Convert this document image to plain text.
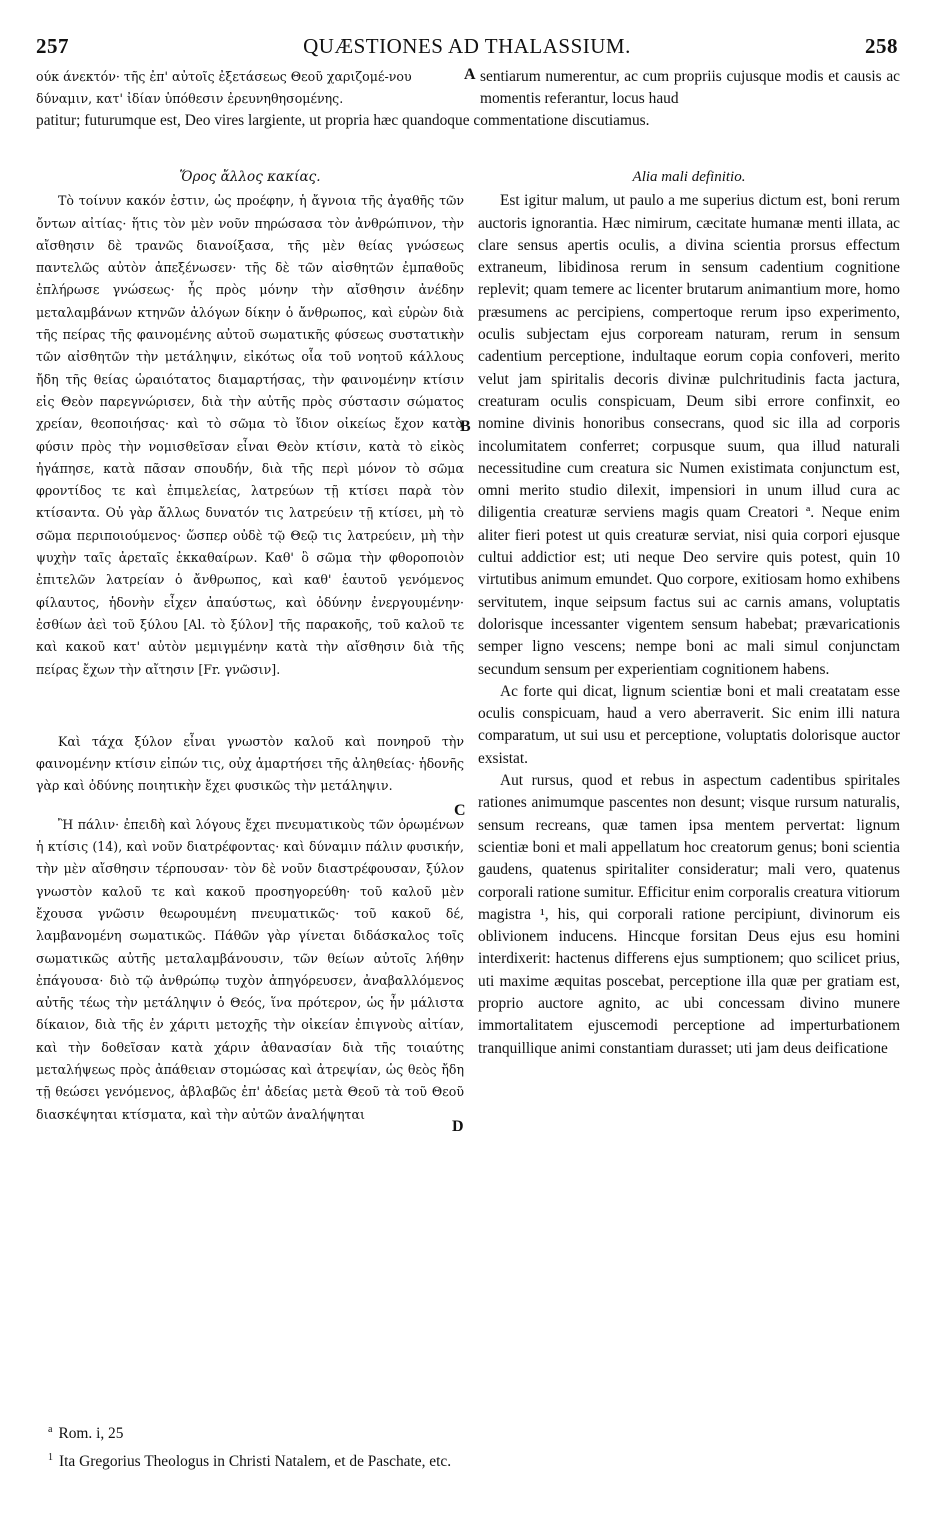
257	QUÆSTIONES AD THALASSIUM.	258
ούκ άνεκτόν· τῆς ἐπ' αὐτοῖς ἐξετάσεως Θεοῦ χαριζομέ-νου δύναμιν, κατ' ἰδίαν ὑπόθεσιν ἐρευνηθησομένης.
sentiarum numerentur, ac cum propriis cujusque modis et causis ac momentis referantur, locus haud
patitur; futurumque est, Deo vires largiente, ut propria hæc quandoque commentatione discutiamus.
A
B
C
D
Ὅρος ἄλλος κακίας.

Τὸ τοίνυν κακόν ἐστιν, ὡς προέφην, ἡ ἄγνοια τῆς ἀγαθῆς τῶν ὄντων αἰτίας· ἥτις τὸν μὲν νοῦν πηρώσασα τὸν ἀνθρώπινον, τὴν αἴσθησιν δὲ τρανῶς διανοίξασα, τῆς μὲν θείας γνώσεως παντελῶς αὐτὸν ἀπεξένωσεν· τῆς δὲ τῶν αἰσθητῶν ἐμπαθοῦς ἐπλήρωσε γνώσεως· ἧς πρὸς μόνην τὴν αἴσθησιν ἀνέδην μεταλαμβάνων κτηνῶν ἀλόγων δίκην ὁ ἄνθρωπος, καὶ εὑρὼν διὰ τῆς πείρας τῆς φαινομένης αὐτοῦ σωματικῆς φύσεως συστατικὴν τῶν αἰσθητῶν τὴν μετάληψιν, εἰκότως οἷα τοῦ νοητοῦ κάλλους ἤδη τῆς θείας ὡραιότατος διαμαρτήσας, τὴν φαινομένην κτίσιν εἰς Θεὸν παρεγνώρισεν, διὰ τὴν αὐτῆς πρὸς σύστασιν σώματος χρείαν, θεοποιήσας· καὶ τὸ σῶμα τὸ ἴδιον οἰκείως ἔχον κατὰ φύσιν πρὸς τὴν νομισθεῖσαν εἶναι Θεὸν κτίσιν, κατὰ τὸ εἰκὸς ἠγάπησε, κατὰ πᾶσαν σπουδήν, διὰ τῆς περὶ μόνον τὸ σῶμα φροντίδος τε καὶ ἐπιμελείας, λατρεύων τῇ κτίσει παρὰ τὸν κτίσαντα. Οὐ γὰρ ἄλλως δυνατόν τις λατρεύειν τῇ κτίσει, μὴ τὸ σῶμα περιποιούμενος· ὥσπερ οὐδὲ τῷ Θεῷ τις λατρεύειν, μὴ τὴν ψυχὴν ταῖς ἀρεταῖς ἐκκαθαίρων. Καθ' ὃ σῶμα τὴν φθοροποιὸν ἐπιτελῶν λατρείαν ὁ ἄνθρωπος, καὶ καθ' ἑαυτοῦ γενόμενος φίλαυτος, ἡδονὴν εἶχεν ἀπαύστως, καὶ ὀδύνην ἐνεργουμένην· ἐσθίων ἀεὶ τοῦ ξύλου [Al. τὸ ξύλον] τῆς παρακοῆς, τοῦ καλοῦ τε καὶ κακοῦ κατ' αὐτὸν μεμιγμένην κατὰ τὴν αἴσθησιν διὰ τῆς πείρας ἔχων τὴν αἴτησιν [Fr. γνῶσιν].

Καὶ τάχα ξύλον εἶναι γνωστὸν καλοῦ καὶ πονηροῦ τὴν φαινομένην κτίσιν εἰπών τις, οὐχ ἁμαρτήσει τῆς ἀληθείας· ἡδονῆς γὰρ καὶ ὀδύνης ποιητικὴν ἔχει φυσικῶς τὴν μετάληψιν.

Ἢ πάλιν· ἐπειδὴ καὶ λόγους ἔχει πνευματικοὺς τῶν ὁρωμένων ἡ κτίσις (14), καὶ νοῦν διατρέφοντας· καὶ δύναμιν πάλιν φυσικήν, τὴν μὲν αἴσθησιν τέρπουσαν· τὸν δὲ νοῦν διαστρέφουσαν, ξύλον γνωστὸν καλοῦ τε καὶ κακοῦ προσηγορεύθη· τοῦ καλοῦ μὲν ἔχουσα γνῶσιν θεωρουμένη πνευματικῶς· τοῦ κακοῦ δέ, λαμβανομένη σωματικῶς. Πάθῶν γὰρ γίνεται διδάσκαλος τοῖς σωματικῶς αὐτῆς μεταλαμβάνουσιν, τῶν θείων αὐτοῖς λήθην ἐπάγουσα· διὸ τῷ ἀνθρώπῳ τυχὸν ἀπηγόρευσεν, ἀναβαλλόμενος αὐτῆς τέως τὴν μετάληψιν ὁ Θεός, ἵνα πρότερον, ὡς ἦν μάλιστα δίκαιον, διὰ τῆς ἐν χάριτι μετοχῆς τὴν οἰκείαν ἐπιγνοὺς αἰτίαν, καὶ τὴν δοθεῖσαν κατὰ χάριν ἀθανασίαν διὰ τῆς τοιαύτης μεταλήψεως πρὸς ἀπάθειαν στομώσας καὶ ἀτρεψίαν, ὡς θεὸς ἤδη τῇ θεώσει γενόμενος, ἀβλαβῶς ἐπ' ἀδείας μετὰ Θεοῦ τὰ τοῦ Θεοῦ διασκέψηται κτίσματα, καὶ τὴν αὐτῶν ἀναλήψηται

Alia mali definitio.

Est igitur malum, ut paulo a me superius dictum est, boni rerum auctoris ignorantia. Hæc nimirum, cæcitate humanæ menti illata, ac clare sensus apertis oculis, a divina scientia prorsus effectum extraneum, libidinosa rerum in sensum cadentium cognitione replevit; quam temere ac licenter brutarum animantium more, homo præsumens ac percipiens, compertoque rerum ipso experimento, oculis subjectam ejus corpoream naturam, rerum in sensum cadentium perceptione, indultaque eorum copia confoveri, merito velut jam spiritalis decoris divinæ pulchritudinis facta jactura, creaturam oculis conspicuam, Deum sibi errore confinxit, eo nomine divinis honoribus consecrans, quod sic illa ad corporis incolumitatem conferret; corpusque suum, qua illud naturali necessitudine cum creatura sic Numen existimata conjunctum est, omni merito studio dilexit, impensiori in unum illud cura ac diligentia creaturæ serviens magis quam Creatori ª. Neque enim aliter fieri potest ut quis creaturæ serviat, nisi quia corpori ejusque cultui addictior est; uti neque Deo servire quis potest, quin 10 virtutibus animum emundet. Quo corpore, exitiosam homo exhibens servitutem, inque seipsum factus sui ac carnis amans, voluptatis dolorisque incessanter vigentem sensum habebat; prævaricationis semper ligno vescens; nempe boni ac mali simul conjunctam secundum sensum per experientiam cognitionem habens.

Ac forte qui dicat, lignum scientiæ boni et mali creatatam esse oculis conspicuam, haud a vero aberraverit. Sic enim illi natura comparatum, ut sui usu et perceptione, voluptatis dolorisque auctor exsistat.

Aut rursus, quod et rebus in aspectum cadentibus spiritales rationes animumque pascentes non desunt; visque rursum naturalis, sensum recreans, quæ tamen ipsa mentem pervertat: lignum scientiæ boni et mali appellatum hoc creatorum genus; boni scientia gaudens, quatenus spiritaliter consideratur; mali vero, quatenus corporali ratione sumitur. Efficitur enim corporalis creatura vitiorum magistra ¹, his, qui corporali ratione percipiunt, divinorum eis oblivionem inducens. Hincque forsitan Deus ejus esu homini interdixerit: hactenus differens ejus sumptionem; quo scilicet prius, uti maxime æquitas poscebat, perceptione illa quæ per gratiam est, proprio auctore agnito, ac ubi concessam divino munere immortalitatem ejuscemodi perceptione ad imperturbationem tranquillique animi constantiam durasset; uti jam deus deificatione

$^a$ Rom. i, 25
$^1$ Ita Gregorius Theologus in Christi Natalem, et de Paschate, etc.
